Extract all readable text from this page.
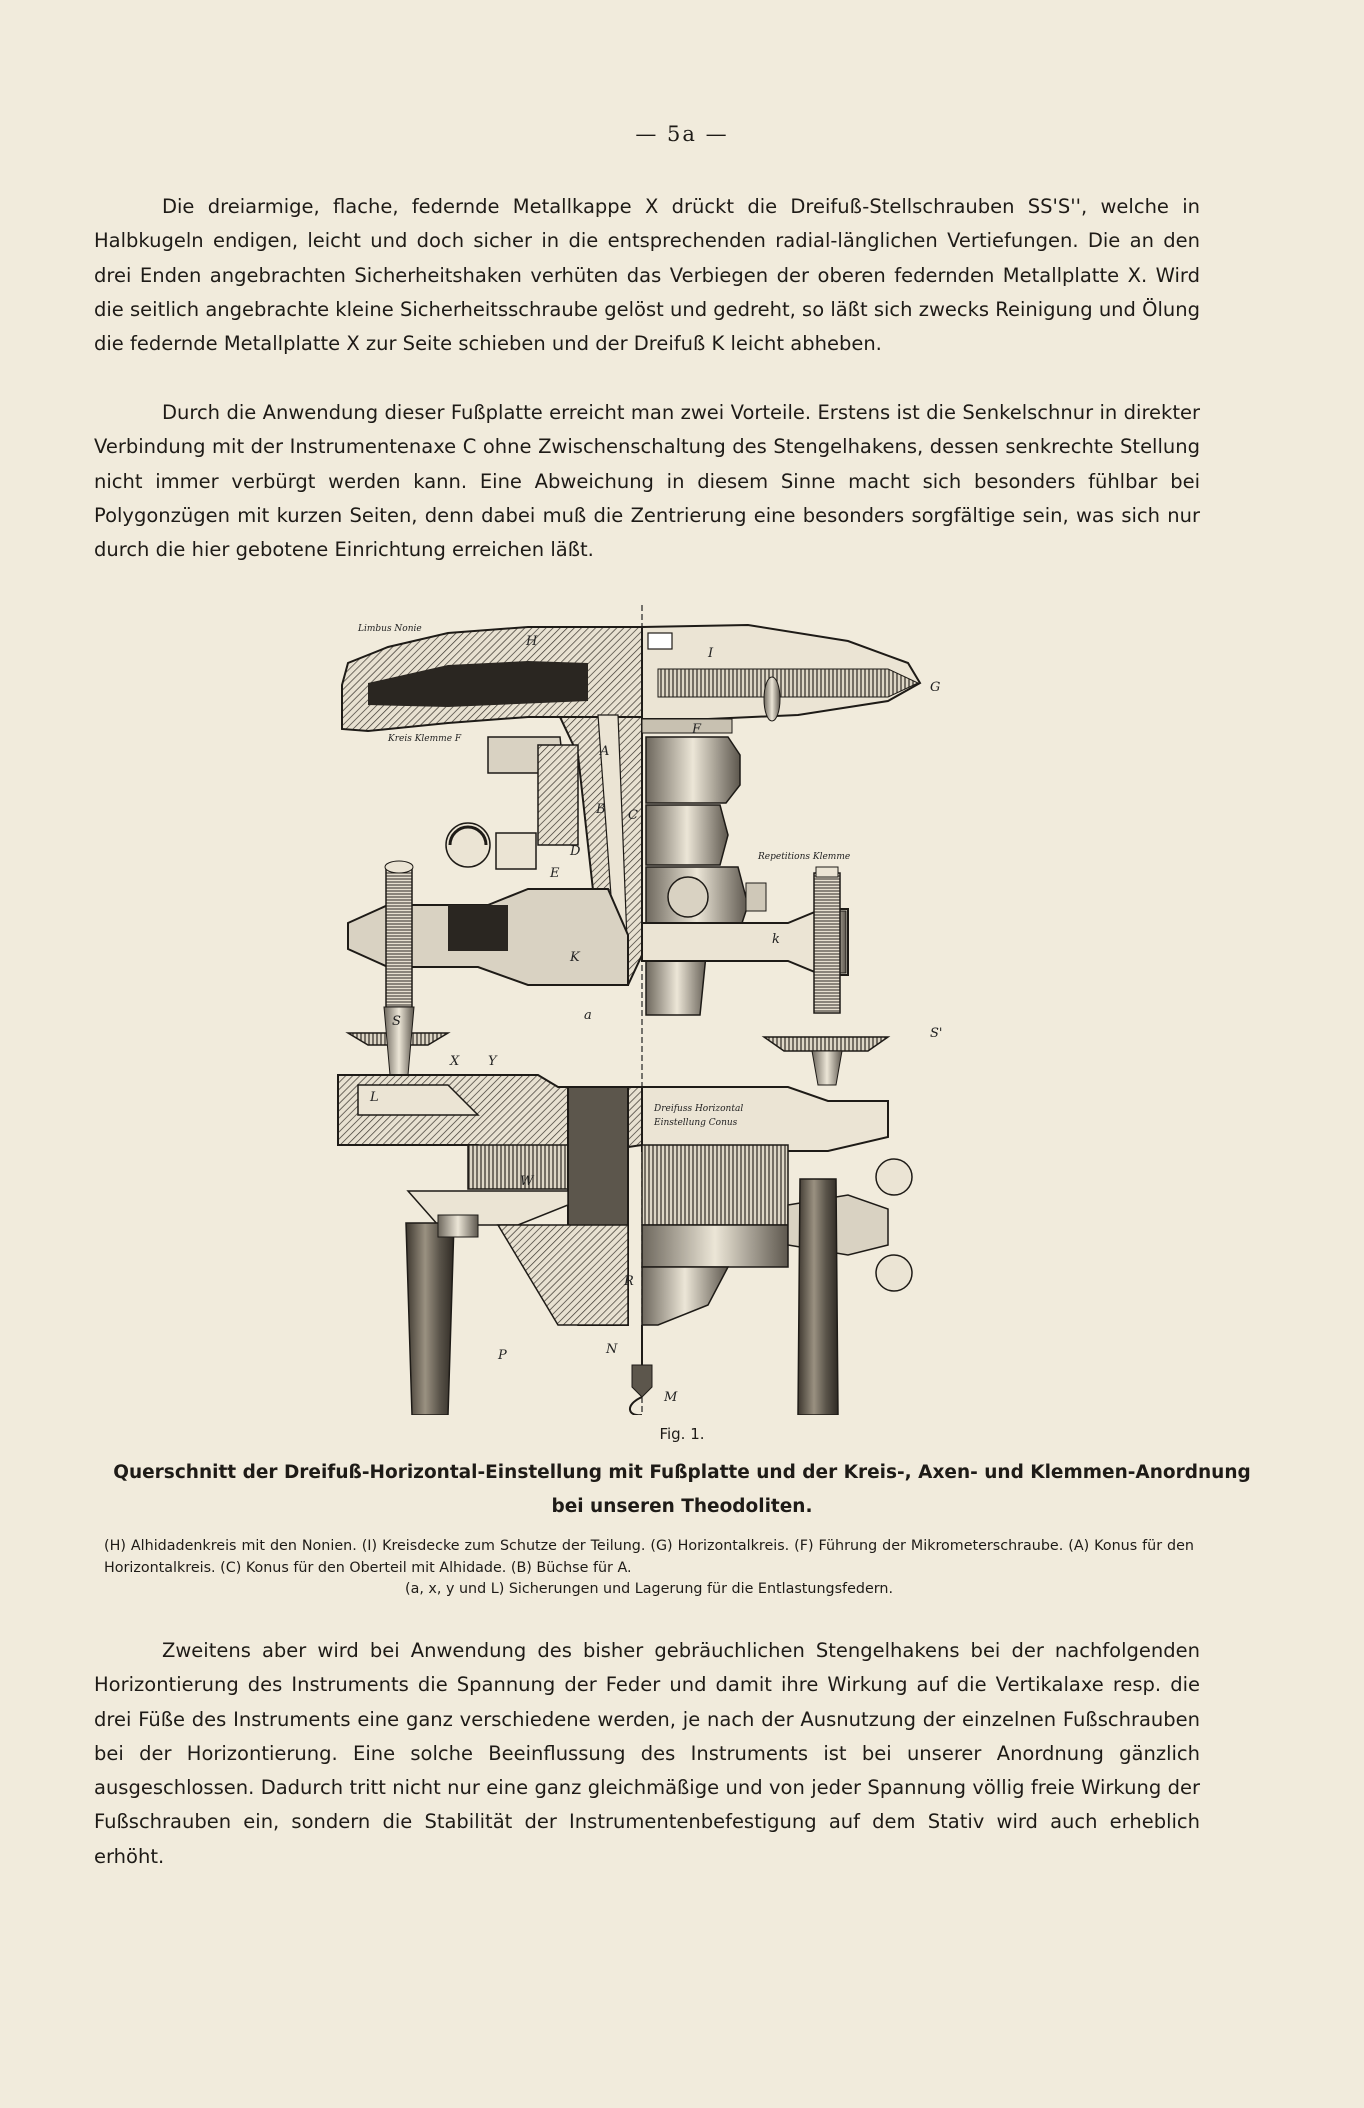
— 5a —

Die dreiarmige, flache, federnde Metallkappe X drückt die Dreifuß-Stellschrauben SS'S'', welche in Halbkugeln endigen, leicht und doch sicher in die entsprechenden radial-länglichen Vertiefungen. Die an den drei Enden angebrachten Sicherheitshaken verhüten das Verbiegen der oberen federnden Metallplatte X. Wird die seitlich angebrachte kleine Sicherheitsschraube gelöst und gedreht, so läßt sich zwecks Reinigung und Ölung die federnde Metallplatte X zur Seite schieben und der Dreifuß K leicht abheben.

Durch die Anwendung dieser Fußplatte erreicht man zwei Vorteile. Erstens ist die Senkelschnur in direkter Verbindung mit der Instrumentenaxe C ohne Zwischenschaltung des Stengelhakens, dessen senkrechte Stellung nicht immer verbürgt werden kann. Eine Abweichung in diesem Sinne macht sich besonders fühlbar bei Polygonzügen mit kurzen Seiten, denn dabei muß die Zentrierung eine besonders sorgfältige sein, was sich nur durch die hier gebotene Einrichtung erreichen läßt.

H
I
G
F
A
B C
D
E
K
k
S
S'
X Y
L
W
P
R
M
N
a
Limbus Nonie
Kreis Klemme F
Repetitions Klemme
Dreifuss Horizontal
Einstellung Conus
Fig. 1.
Querschnitt der Dreifuß-Horizontal-Einstellung mit Fußplatte und der Kreis-, Axen- und Klemmen-Anordnung bei unseren Theodoliten.
(H) Alhidadenkreis mit den Nonien. (I) Kreisdecke zum Schutze der Teilung. (G) Horizontalkreis. (F) Führung der Mikrometerschraube. (A) Konus für den Horizontalkreis. (C) Konus für den Oberteil mit Alhidade. (B) Büchse für A.
(a, x, y und L) Sicherungen und Lagerung für die Entlastungsfedern.

Zweitens aber wird bei Anwendung des bisher gebräuchlichen Stengelhakens bei der nachfolgenden Horizontierung des Instruments die Spannung der Feder und damit ihre Wirkung auf die Vertikalaxe resp. die drei Füße des Instruments eine ganz verschiedene werden, je nach der Ausnutzung der einzelnen Fußschrauben bei der Horizontierung. Eine solche Beeinflussung des Instruments ist bei unserer Anordnung gänzlich ausgeschlossen. Dadurch tritt nicht nur eine ganz gleichmäßige und von jeder Spannung völlig freie Wirkung der Fußschrauben ein, sondern die Stabilität der Instrumentenbefestigung auf dem Stativ wird auch erheblich erhöht.
